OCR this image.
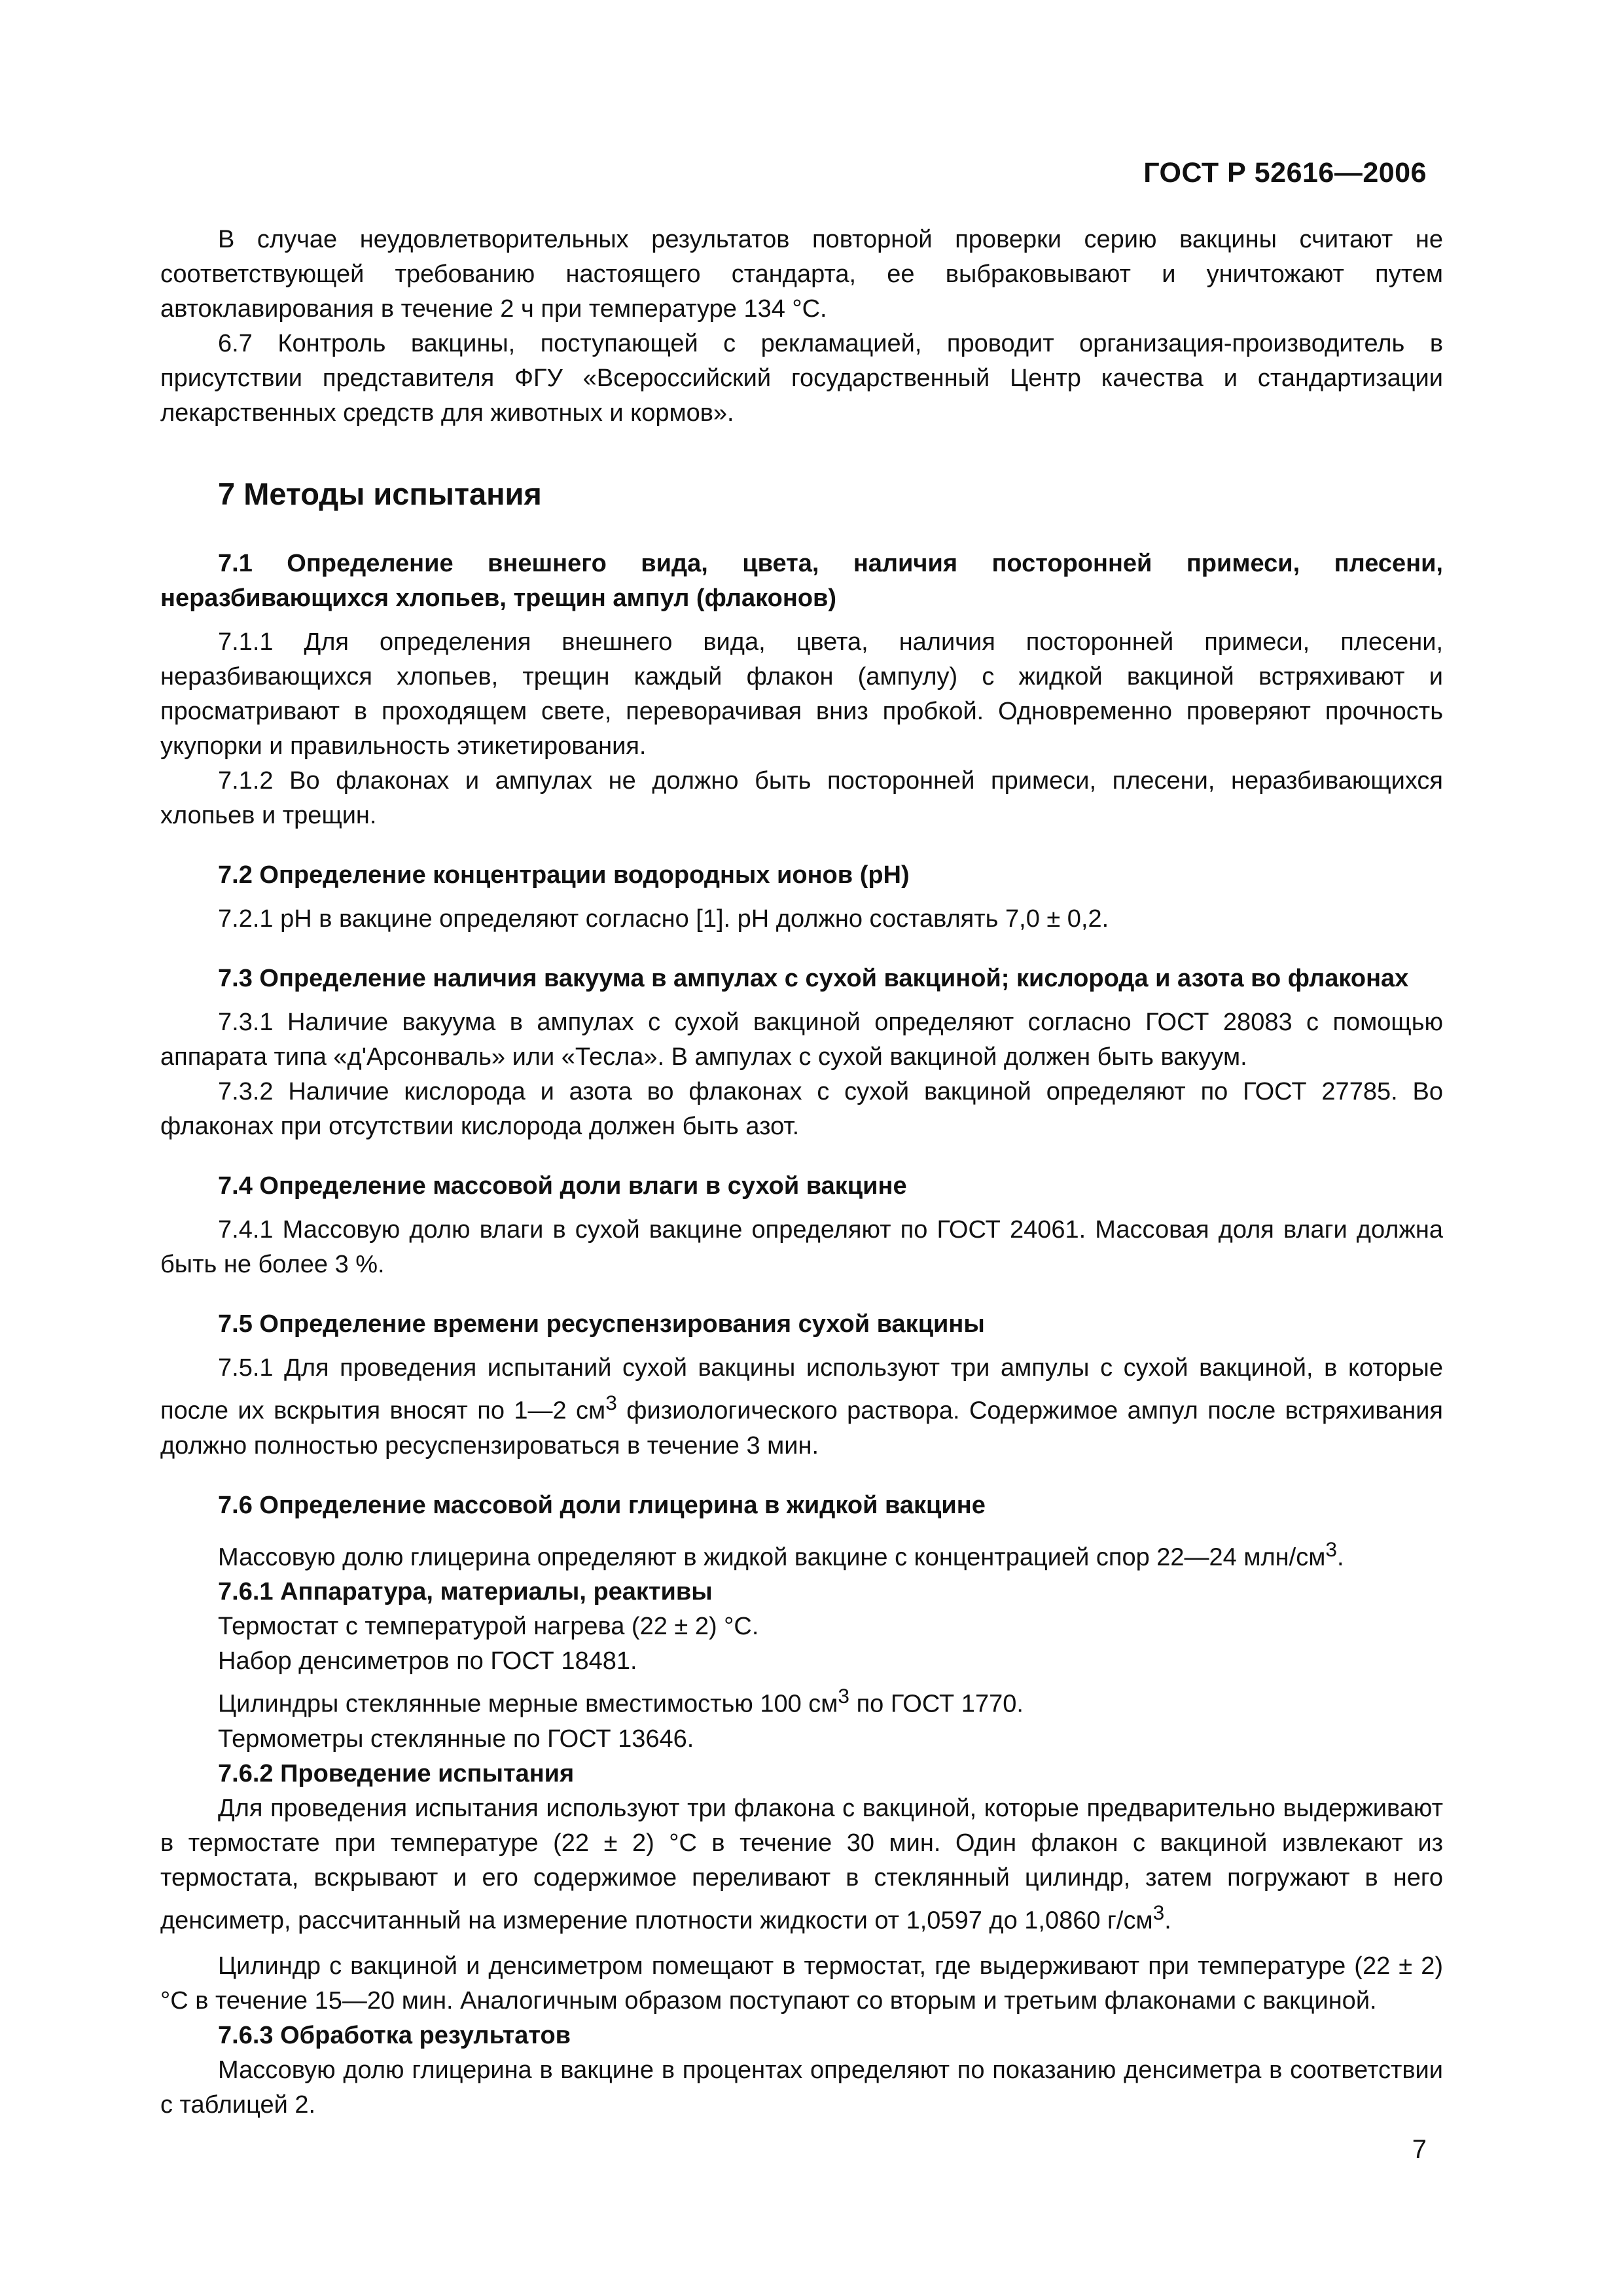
ГОСТ Р 52616—2006

В случае неудовлетворительных результатов повторной проверки серию вакцины считают не соответствующей требованию настоящего стандарта, ее выбраковывают и уничтожают путем автоклавирования в течение 2 ч при температуре 134 °С.

6.7 Контроль вакцины, поступающей с рекламацией, проводит организация-производитель в присутствии представителя ФГУ «Всероссийский государственный Центр качества и стандартизации лекарственных средств для животных и кормов».

7 Методы испытания

7.1 Определение внешнего вида, цвета, наличия посторонней примеси, плесени, неразбивающихся хлопьев, трещин ампул (флаконов)

7.1.1 Для определения внешнего вида, цвета, наличия посторонней примеси, плесени, неразбивающихся хлопьев, трещин каждый флакон (ампулу) с жидкой вакциной встряхивают и просматривают в проходящем свете, переворачивая вниз пробкой. Одновременно проверяют прочность укупорки и правильность этикетирования.

7.1.2 Во флаконах и ампулах не должно быть посторонней примеси, плесени, неразбивающихся хлопьев и трещин.

7.2 Определение концентрации водородных ионов (pH)

7.2.1 pH в вакцине определяют согласно [1]. pH должно составлять 7,0 ± 0,2.

7.3 Определение наличия вакуума в ампулах с сухой вакциной; кислорода и азота во флаконах

7.3.1 Наличие вакуума в ампулах с сухой вакциной определяют согласно ГОСТ 28083 с помощью аппарата типа «д'Арсонваль» или «Тесла». В ампулах с сухой вакциной должен быть вакуум.

7.3.2 Наличие кислорода и азота во флаконах с сухой вакциной определяют по ГОСТ 27785. Во флаконах при отсутствии кислорода должен быть азот.

7.4 Определение массовой доли влаги в сухой вакцине

7.4.1 Массовую долю влаги в сухой вакцине определяют по ГОСТ 24061. Массовая доля влаги должна быть не более 3 %.

7.5 Определение времени ресуспензирования сухой вакцины

7.5.1 Для проведения испытаний сухой вакцины используют три ампулы с сухой вакциной, в которые после их вскрытия вносят по 1—2 $см^3$ физиологического раствора. Содержимое ампул после встряхивания должно полностью ресуспензироваться в течение 3 мин.

7.6 Определение массовой доли глицерина в жидкой вакцине

Массовую долю глицерина определяют в жидкой вакцине с концентрацией спор 22—24 млн/$см^3$.

7.6.1 Аппаратура, материалы, реактивы

Термостат с температурой нагрева (22 ± 2) °С.

Набор денсиметров по ГОСТ 18481.

Цилиндры стеклянные мерные вместимостью 100 $см^3$ по ГОСТ 1770.

Термометры стеклянные по ГОСТ 13646.

7.6.2 Проведение испытания

Для проведения испытания используют три флакона с вакциной, которые предварительно выдерживают в термостате при температуре (22 ± 2) °С в течение 30 мин. Один флакон с вакциной извлекают из термостата, вскрывают и его содержимое переливают в стеклянный цилиндр, затем погружают в него денсиметр, рассчитанный на измерение плотности жидкости от 1,0597 до 1,0860 $г/см^3$.

Цилиндр с вакциной и денсиметром помещают в термостат, где выдерживают при температуре (22 ± 2) °С в течение 15—20 мин. Аналогичным образом поступают со вторым и третьим флаконами с вакциной.

7.6.3 Обработка результатов

Массовую долю глицерина в вакцине в процентах определяют по показанию денсиметра в соответствии с таблицей 2.

7
